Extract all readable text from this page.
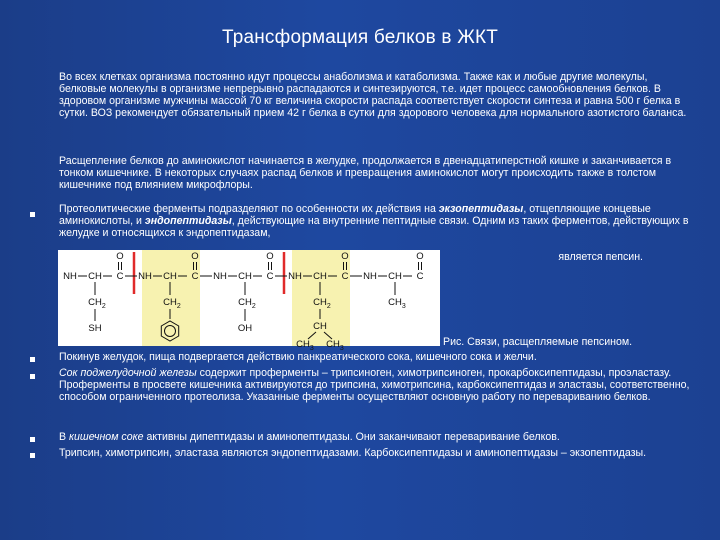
Трансформация белков в ЖКТ

Во всех клетках организма постоянно идут процессы анаболизма и катаболизма. Также как и любые другие молекулы, белковые молекулы в организме непрерывно распадаются и синтезируются, т.е. идет процесс самообновления белков. В здоровом организме мужчины массой 70 кг величина скорости распада соответствует скорости синтеза и равна 500 г белка в сутки. ВОЗ рекомендует обязательный прием 42 г белка в сутки для здорового человека для нормального азотистого баланса.

Расщепление белков до аминокислот начинается в желудке, продолжается в двенадцатиперстной кишке и заканчивается в тонком кишечнике. В некоторых случаях распад белков и превращения аминокислот могут происходить также в толстом кишечнике под влиянием микрофлоры.

Протеолитические ферменты подразделяют по особенности их действия на экзопептидазы, отщепляющие концевые аминокислоты, и эндопептидазы, действующие на внутренние пептидные связи. Одним из таких ферментов, действующих в желудке и относящихся к эндопептидазам,

является пепсин.
NH CH C NH CH C NH CH C NH CH C NH CH C
O	O	O	O	O
$CH_2$	$CH_2$	$CH_2$	$CH_2$	$CH_3$
SH	OH	CH
$CH_3$ $CH_3$
Рис. Связи, расщепляемые пепсином.

Покинув желудок, пища подвергается действию панкреатического сока, кишечного сока и желчи.

Сок поджелудочной железы содержит проферменты – трипсиноген, химотрипсиноген, прокарбоксипептидазы, проэластазу. Проферменты в просвете кишечника активируются до трипсина, химотрипсина, карбоксипептидаз и эластазы, соответственно, способом ограниченного протеолиза. Указанные ферменты осуществляют основную работу по перевариванию белков.

В кишечном соке активны дипептидазы и аминопептидазы. Они заканчивают переваривание белков.

Трипсин, химотрипсин, эластаза являются эндопептидазами. Карбоксипептидазы и аминопептидазы – экзопептидазы.
